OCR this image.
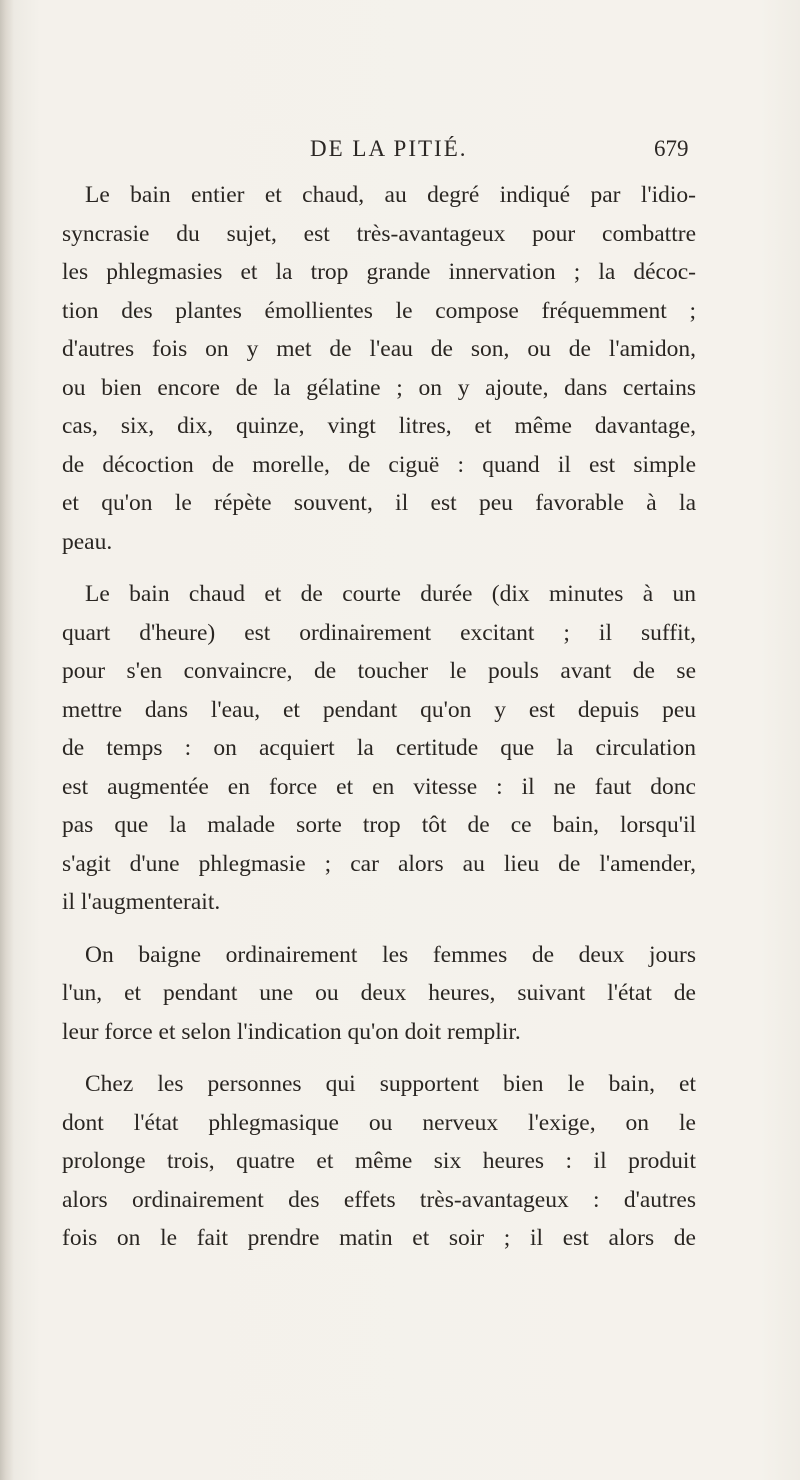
DE LA PITIÉ.	679
Le bain entier et chaud, au degré indiqué par l'idio-
syncrasie du sujet, est très-avantageux pour combattre
les phlegmasies et la trop grande innervation ; la décoc-
tion des plantes émollientes le compose fréquemment ;
d'autres fois on y met de l'eau de son, ou de l'amidon,
ou bien encore de la gélatine ; on y ajoute, dans certains
cas, six, dix, quinze, vingt litres, et même davantage,
de décoction de morelle, de ciguë : quand il est simple
et qu'on le répète souvent, il est peu favorable à la
peau.
Le bain chaud et de courte durée (dix minutes à un
quart d'heure) est ordinairement excitant ; il suffit,
pour s'en convaincre, de toucher le pouls avant de se
mettre dans l'eau, et pendant qu'on y est depuis peu
de temps : on acquiert la certitude que la circulation
est augmentée en force et en vitesse : il ne faut donc
pas que la malade sorte trop tôt de ce bain, lorsqu'il
s'agit d'une phlegmasie ; car alors au lieu de l'amender,
il l'augmenterait.
On baigne ordinairement les femmes de deux jours
l'un, et pendant une ou deux heures, suivant l'état de
leur force et selon l'indication qu'on doit remplir.
Chez les personnes qui supportent bien le bain, et
dont l'état phlegmasique ou nerveux l'exige, on le
prolonge trois, quatre et même six heures : il produit
alors ordinairement des effets très-avantageux : d'autres
fois on le fait prendre matin et soir ; il est alors de
